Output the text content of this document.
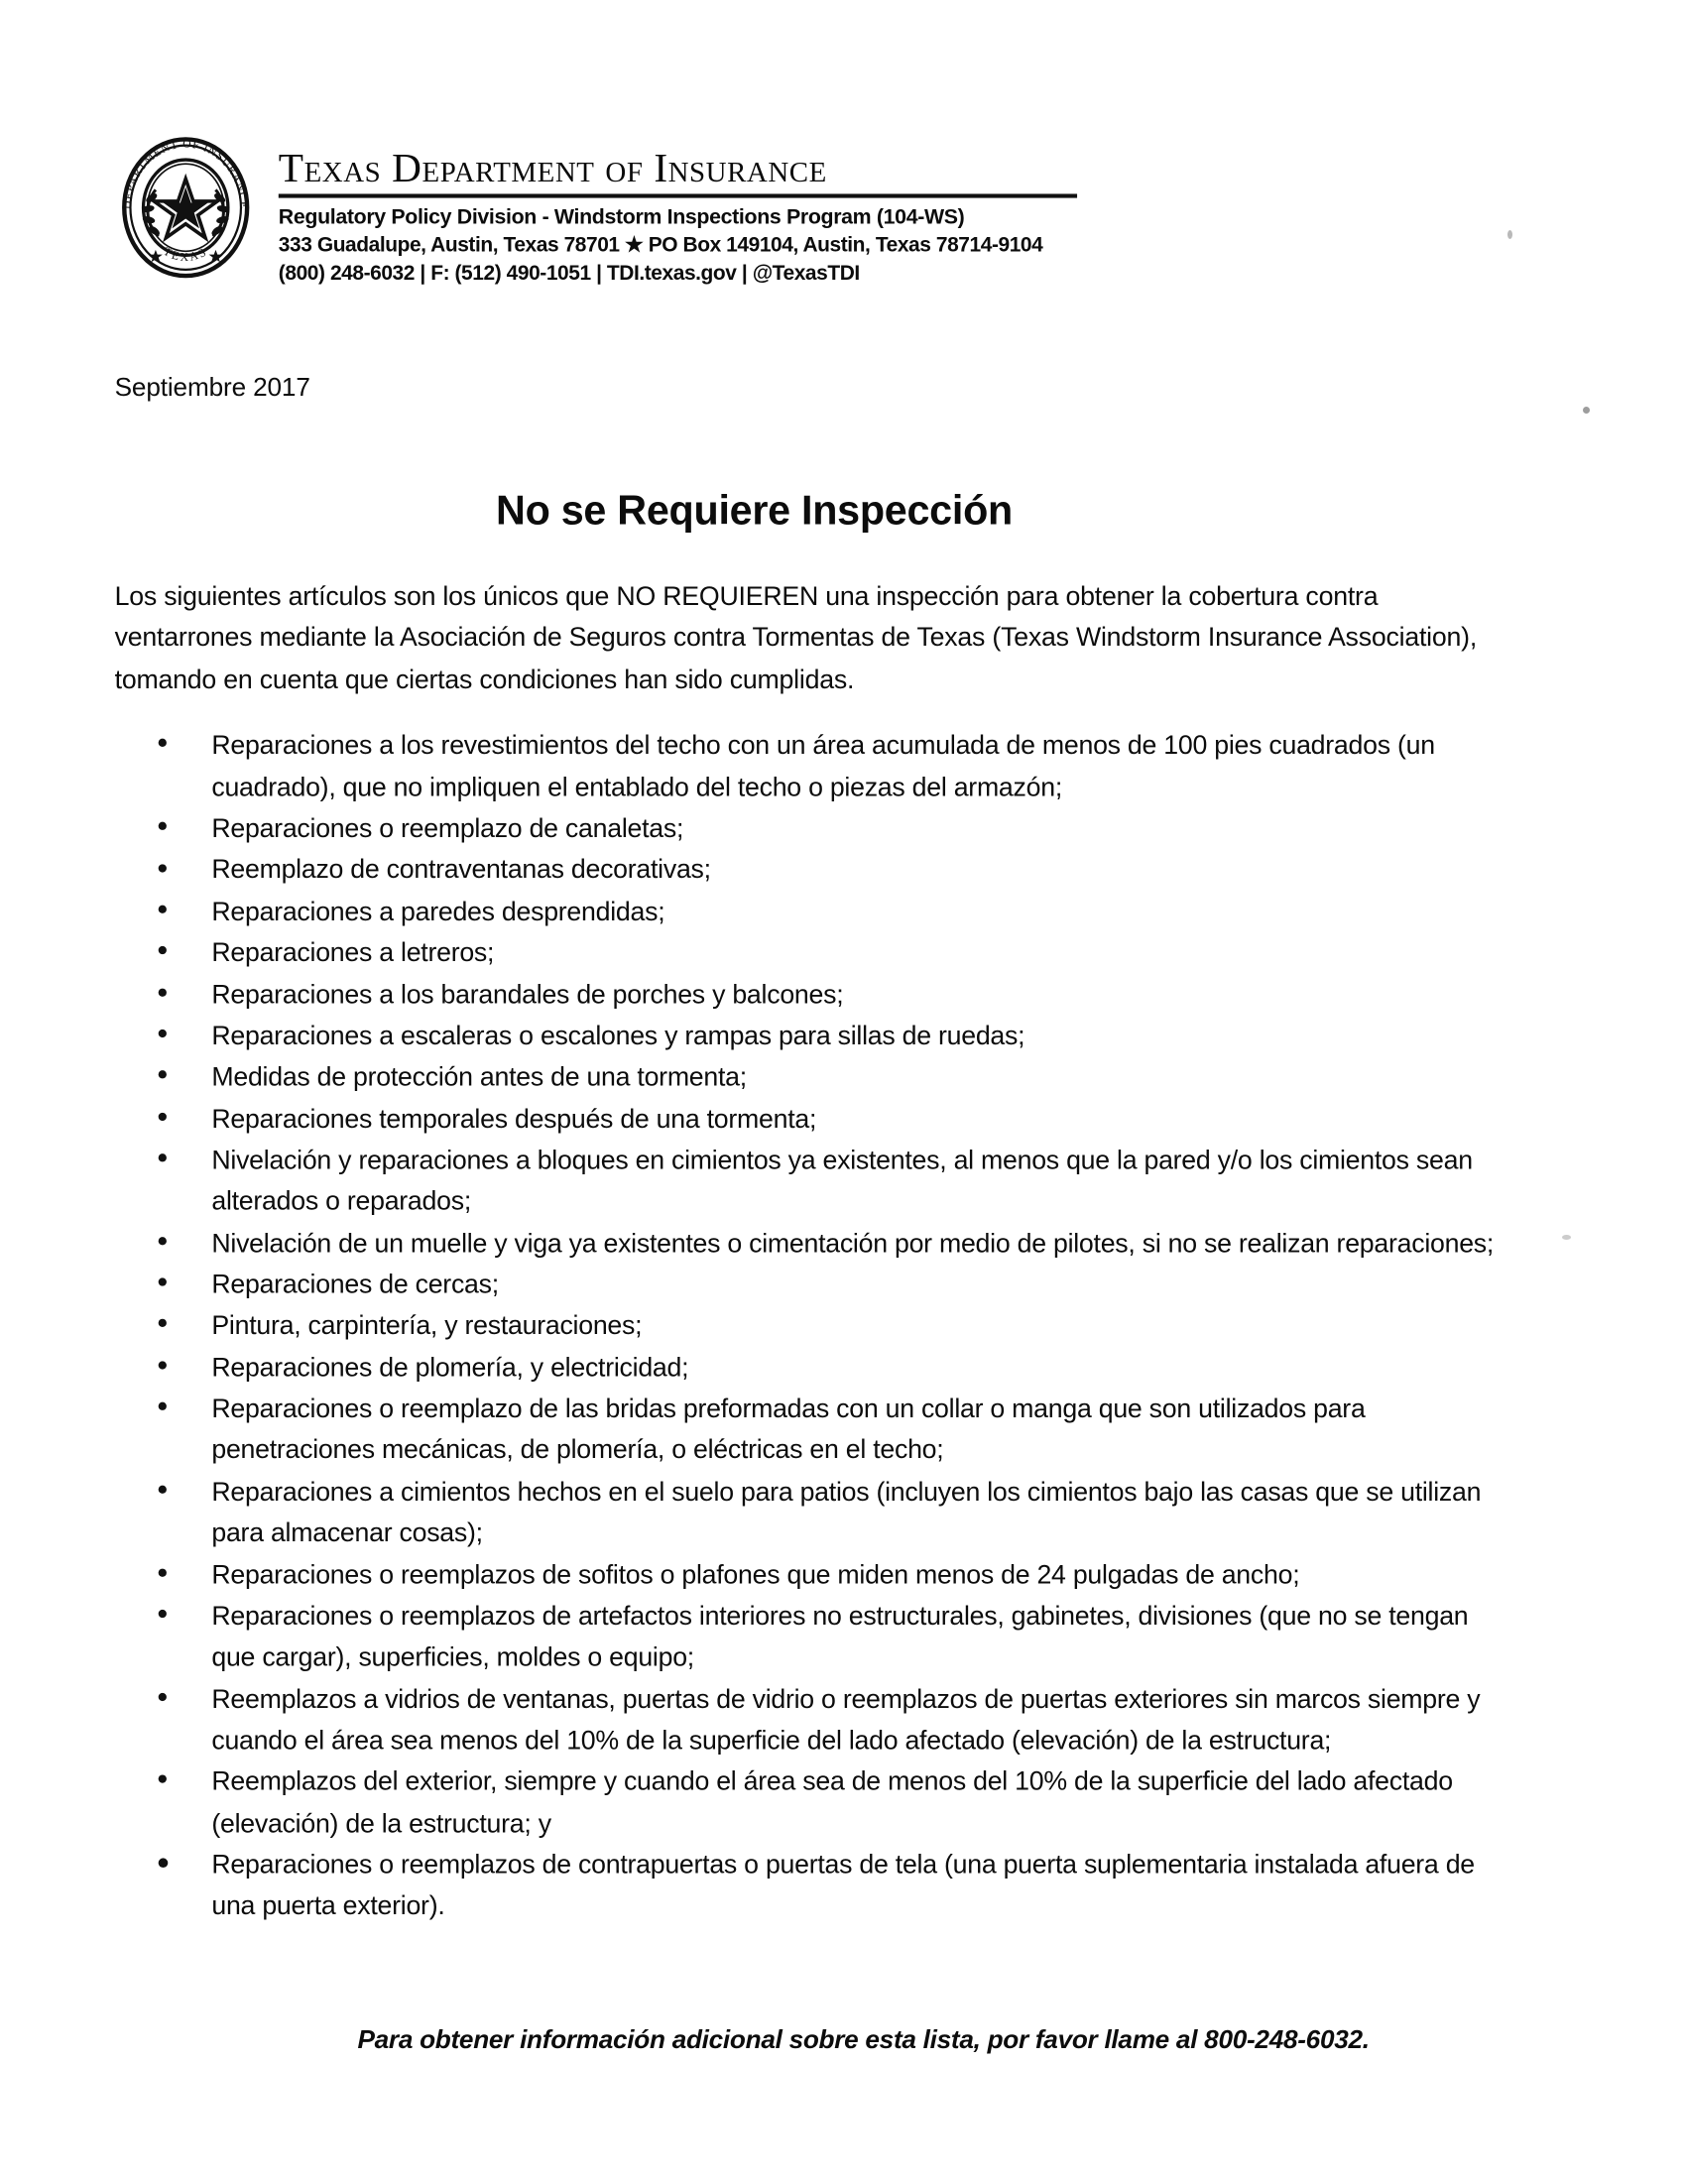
DEPARTMENT OF INSURANCE
TEXAS
Texas Department of Insurance
Regulatory Policy Division - Windstorm Inspections Program (104-WS)
333 Guadalupe, Austin, Texas 78701 ★ PO Box 149104, Austin, Texas 78714-9104
(800) 248-6032 | F: (512) 490-1051 | TDI.texas.gov | @TexasTDI
Septiembre 2017
No se Requiere Inspección
Los siguientes artículos son los únicos que NO REQUIEREN una inspección para obtener la cobertura contra ventarrones mediante la Asociación de Seguros contra Tormentas de Texas (Texas Windstorm Insurance Association), tomando en cuenta que ciertas condiciones han sido cumplidas.
Reparaciones a los revestimientos del techo con un área acumulada de menos de 100 pies cuadrados (un cuadrado), que no impliquen el entablado del techo o piezas del armazón;
Reparaciones o reemplazo de canaletas;
Reemplazo de contraventanas decorativas;
Reparaciones a paredes desprendidas;
Reparaciones a letreros;
Reparaciones a los barandales de porches y balcones;
Reparaciones a escaleras o escalones y rampas para sillas de ruedas;
Medidas de protección antes de una tormenta;
Reparaciones temporales después de una tormenta;
Nivelación y reparaciones a bloques en cimientos ya existentes, al menos que la pared y/o los cimientos sean alterados o reparados;
Nivelación de un muelle y viga ya existentes o cimentación por medio de pilotes, si no se realizan reparaciones;
Reparaciones de cercas;
Pintura, carpintería, y restauraciones;
Reparaciones de plomería, y electricidad;
Reparaciones o reemplazo de las bridas preformadas con un collar o manga que son utilizados para penetraciones mecánicas, de plomería, o eléctricas en el techo;
Reparaciones a cimientos hechos en el suelo para patios (incluyen los cimientos bajo las casas que se utilizan para almacenar cosas);
Reparaciones o reemplazos de sofitos o plafones que miden menos de 24 pulgadas de ancho;
Reparaciones o reemplazos de artefactos interiores no estructurales, gabinetes, divisiones (que no se tengan que cargar), superficies, moldes o equipo;
Reemplazos a vidrios de ventanas, puertas de vidrio o reemplazos de puertas exteriores sin marcos siempre y cuando el área sea menos del 10% de la superficie del lado afectado (elevación) de la estructura;
Reemplazos del exterior, siempre y cuando el área sea de menos del 10% de la superficie del lado afectado (elevación) de la estructura; y
Reparaciones o reemplazos de contrapuertas o puertas de tela (una puerta suplementaria instalada afuera de una puerta exterior).
Para obtener información adicional sobre esta lista, por favor llame al 800-248-6032.
